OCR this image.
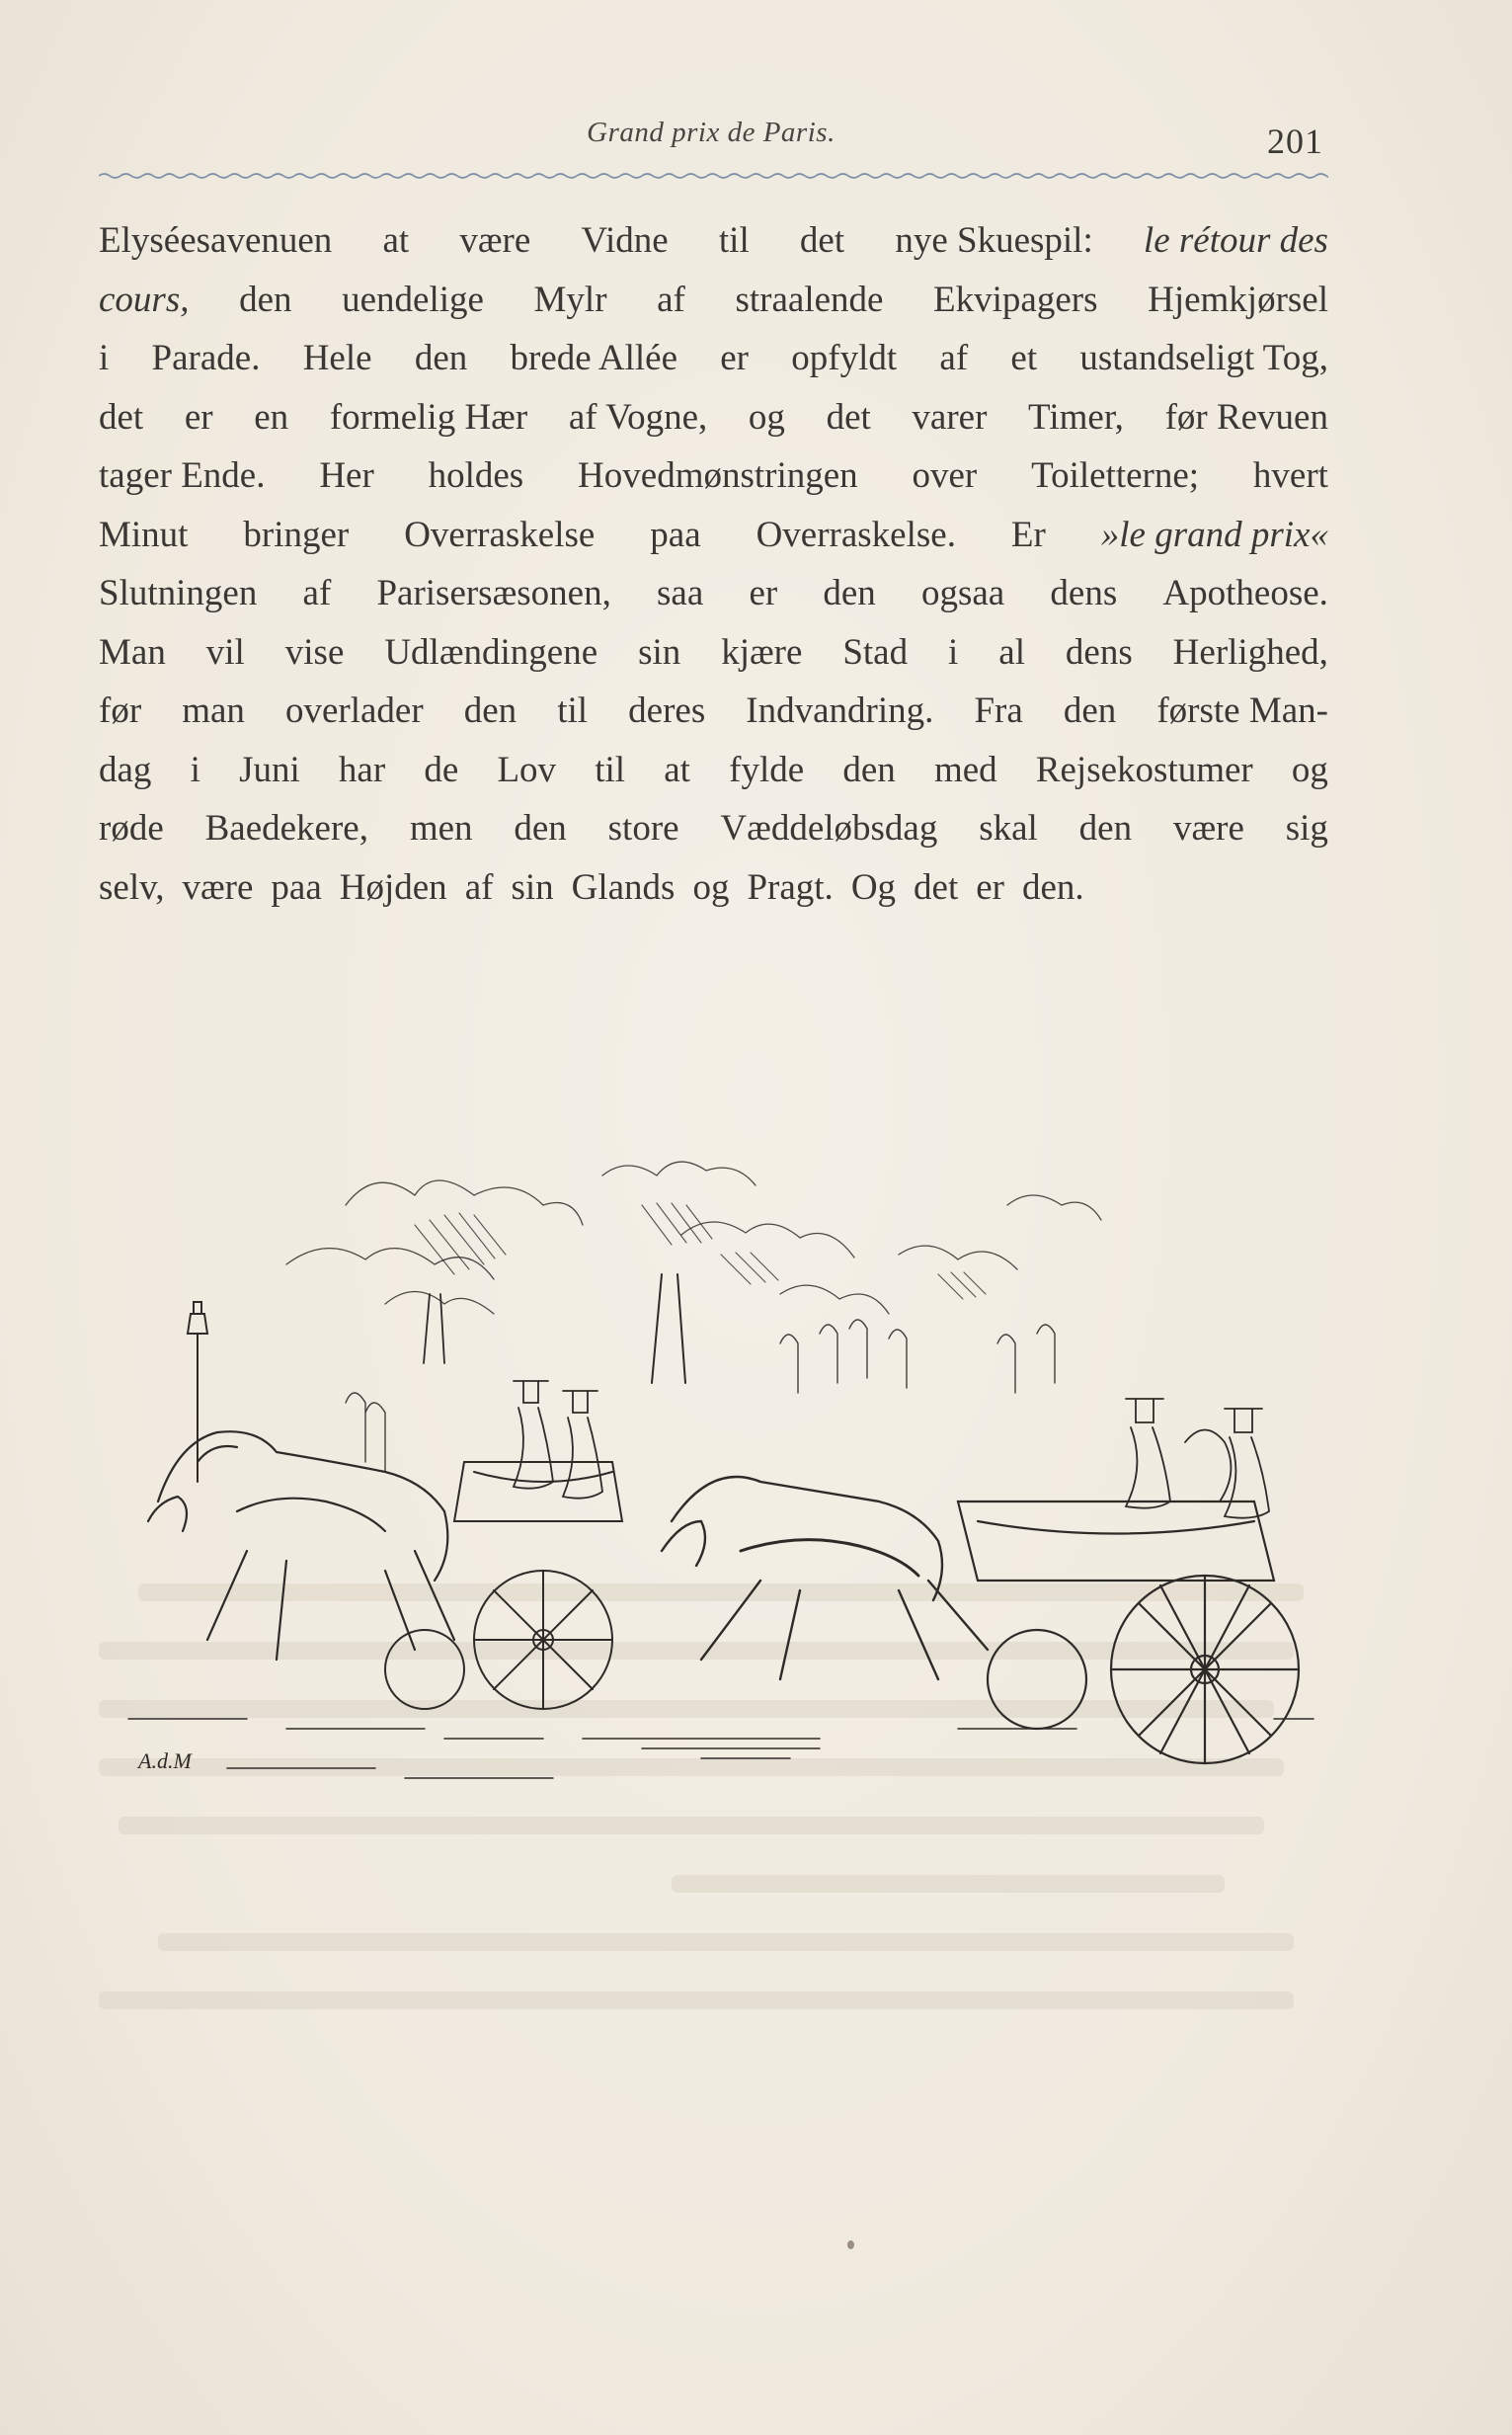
Grand prix de Paris.	201
Elyséesavenuen at være Vidne til det nye Skuespil: le rétour des
cours, den uendelige Mylr af straalende Ekvipagers Hjemkjørsel
i Parade. Hele den brede Allée er opfyldt af et ustandseligt Tog,
det er en formelig Hær af Vogne, og det varer Timer, før Revuen
tager Ende. Her holdes Hovedmønstringen over Toiletterne; hvert
Minut bringer Overraskelse paa Overraskelse. Er »le grand prix«
Slutningen af Parisersæsonen, saa er den ogsaa dens Apotheose.
Man vil vise Udlændingene sin kjære Stad i al dens Herlighed,
før man overlader den til deres Indvandring. Fra den første Man-
dag i Juni har de Lov til at fylde den med Rejsekostumer og
røde Baedekere, men den store Væddeløbsdag skal den være sig
selv, være paa Højden af sin Glands og Pragt. Og det er den.
A.d.M
